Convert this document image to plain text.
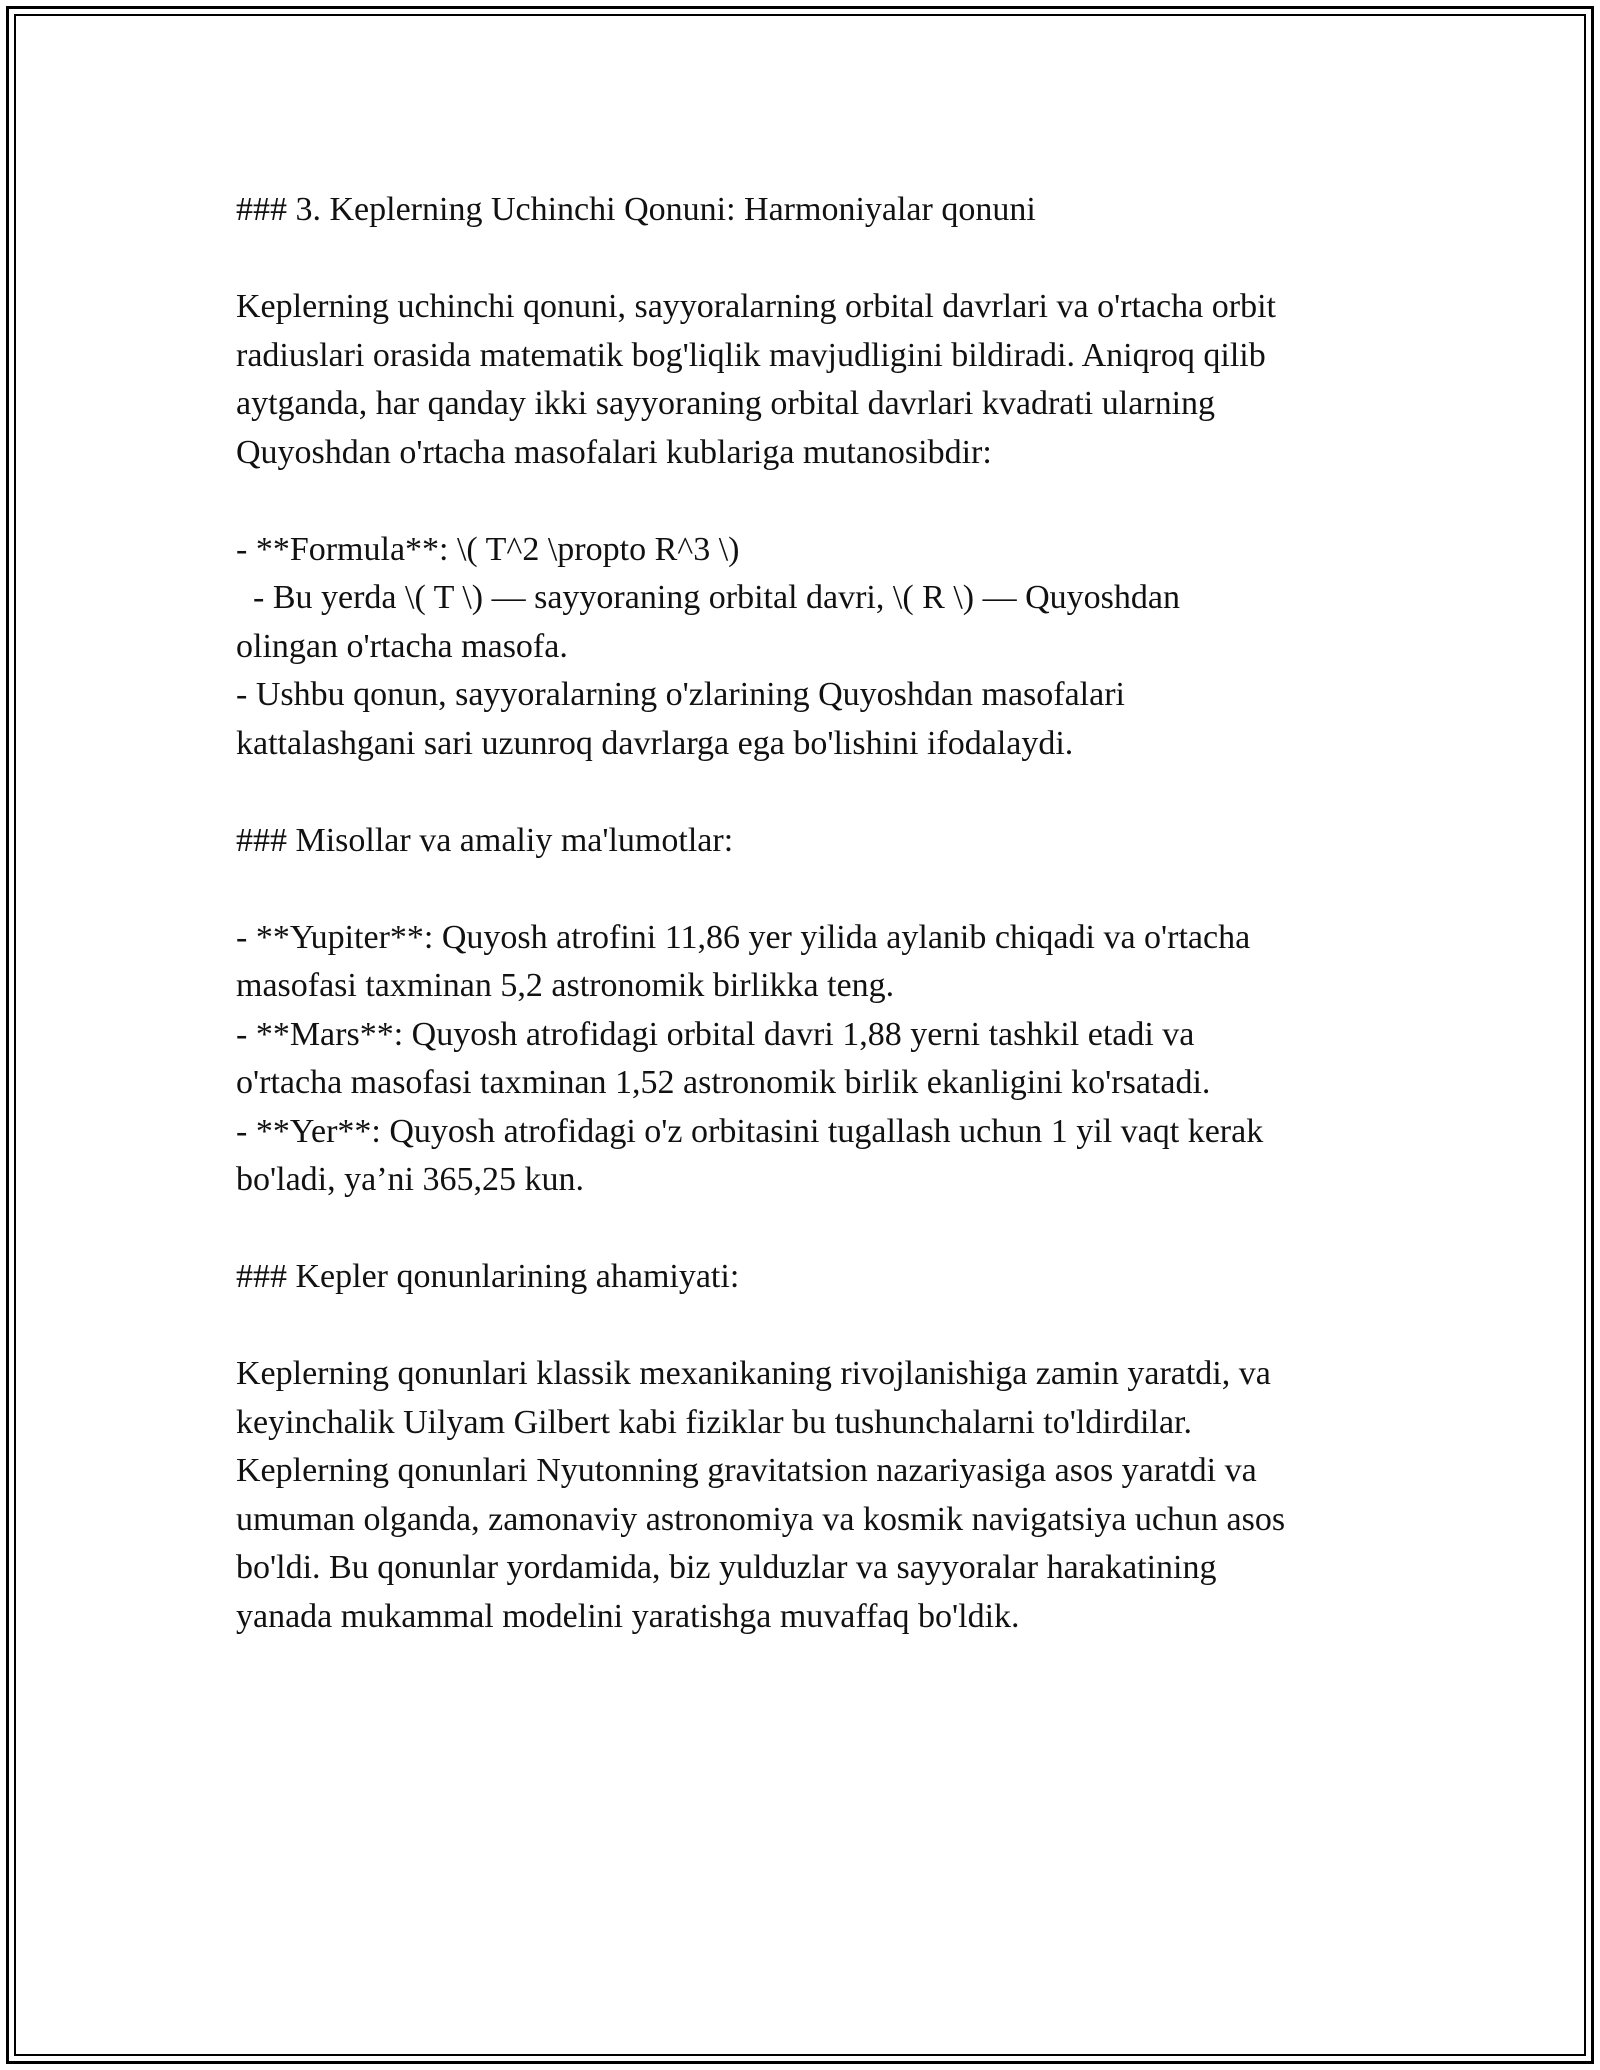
### 3. Keplerning Uchinchi Qonuni: Harmoniyalar qonuni
Keplerning uchinchi qonuni, sayyoralarning orbital davrlari va o'rtacha orbit
radiuslari orasida matematik bog'liqlik mavjudligini bildiradi. Aniqroq qilib
aytganda, har qanday ikki sayyoraning orbital davrlari kvadrati ularning
Quyoshdan o'rtacha masofalari kublariga mutanosibdir:
- **Formula**: \( T^2 \propto R^3 \)
- Bu yerda \( T \) — sayyoraning orbital davri, \( R \) — Quyoshdan
olingan o'rtacha masofa.
- Ushbu qonun, sayyoralarning o'zlarining Quyoshdan masofalari
kattalashgani sari uzunroq davrlarga ega bo'lishini ifodalaydi.
### Misollar va amaliy ma'lumotlar:
- **Yupiter**: Quyosh atrofini 11,86 yer yilida aylanib chiqadi va o'rtacha
masofasi taxminan 5,2 astronomik birlikka teng.
- **Mars**: Quyosh atrofidagi orbital davri 1,88 yerni tashkil etadi va
o'rtacha masofasi taxminan 1,52 astronomik birlik ekanligini ko'rsatadi.
- **Yer**: Quyosh atrofidagi o'z orbitasini tugallash uchun 1 yil vaqt kerak
bo'ladi, ya’ni 365,25 kun.
### Kepler qonunlarining ahamiyati:
Keplerning qonunlari klassik mexanikaning rivojlanishiga zamin yaratdi, va
keyinchalik Uilyam Gilbert kabi fiziklar bu tushunchalarni to'ldirdilar.
Keplerning qonunlari Nyutonning gravitatsion nazariyasiga asos yaratdi va
umuman olganda, zamonaviy astronomiya va kosmik navigatsiya uchun asos
bo'ldi. Bu qonunlar yordamida, biz yulduzlar va sayyoralar harakatining
yanada mukammal modelini yaratishga muvaffaq bo'ldik.
